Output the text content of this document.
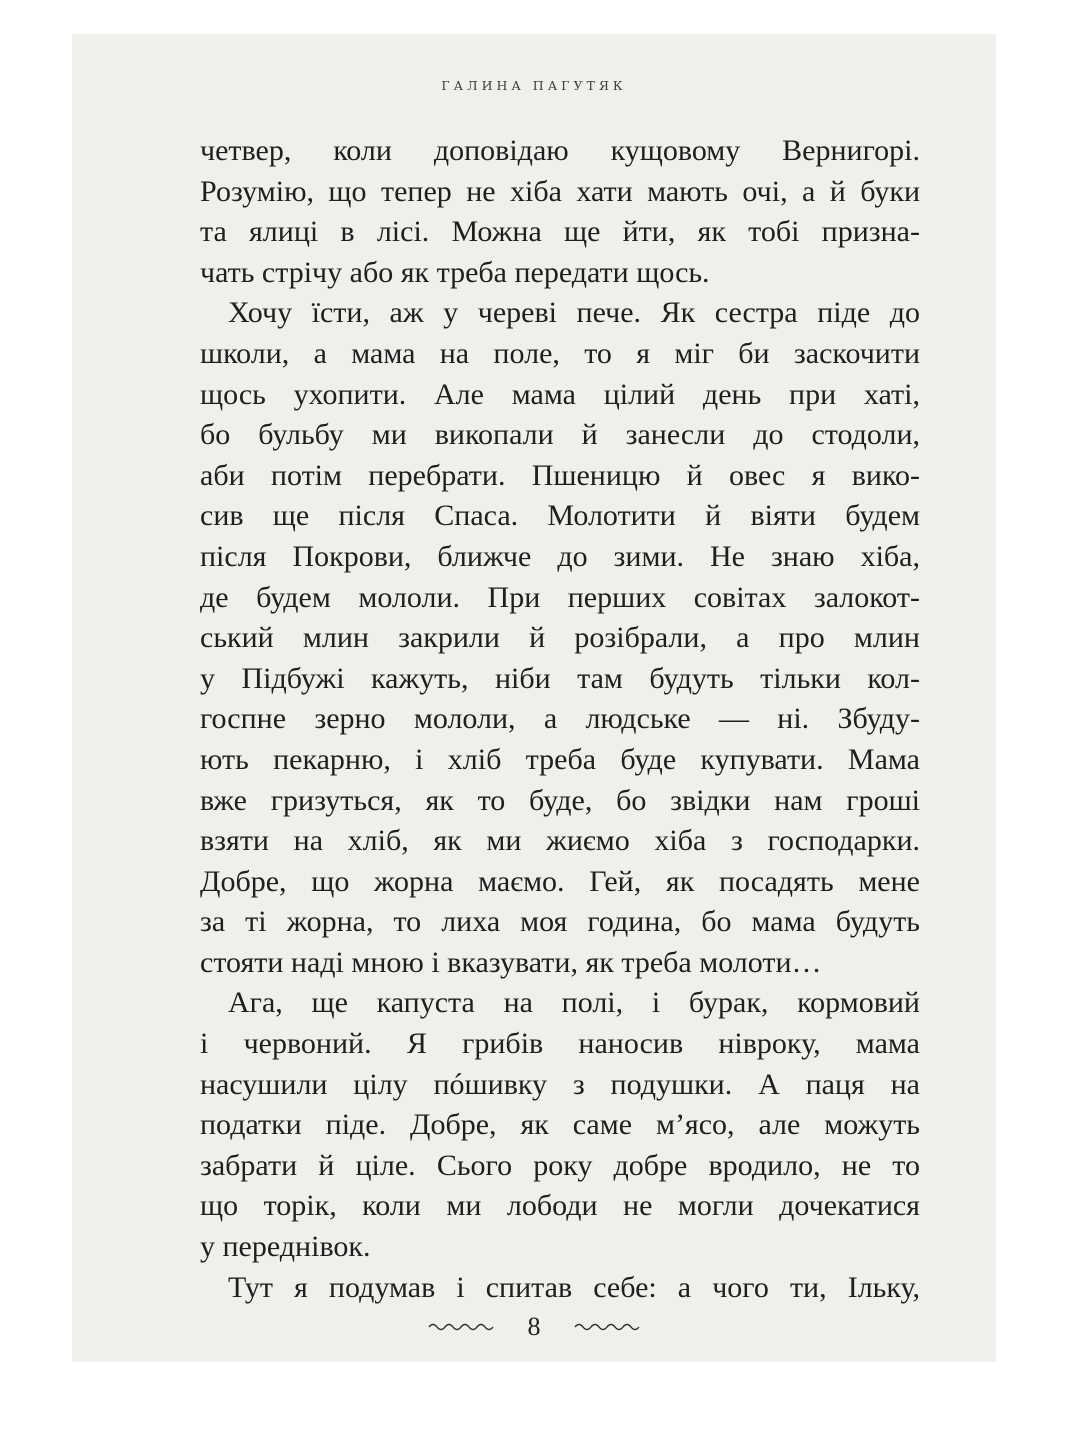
ГАЛИНА ПАГУТЯК

четвер, коли доповідаю кущовому Вернигорі.

Розумію, що тепер не хіба хати мають очі, а й буки

та ялиці в лісі. Можна ще йти, як тобі призна-

чать стрічу або як треба передати щось.

Хочу їсти, аж у череві пече. Як сестра піде до

школи, а мама на поле, то я міг би заскочити

щось ухопити. Але мама цілий день при хаті,

бо бульбу ми викопали й занесли до стодоли,

аби потім перебрати. Пшеницю й овес я вико-

сив ще після Спаса. Молотити й віяти будем

після Покрови, ближче до зими. Не знаю хіба,

де будем мололи. При перших совітах залокот-

ський млин закрили й розібрали, а про млин

у Підбужі кажуть, ніби там будуть тільки кол-

госпне зерно мололи, а людське — ні. Збуду-

ють пекарню, і хліб треба буде купувати. Мама

вже гризуться, як то буде, бо звідки нам гроші

взяти на хліб, як ми жиємо хіба з господарки.

Добре, що жорна маємо. Гей, як посадять мене

за ті жорна, то лиха моя година, бо мама будуть

стояти наді мною і вказувати, як треба молоти…

Ага, ще капуста на полі, і бурак, кормовий

і червоний. Я грибів наносив нівроку, мама

насушили цілу пóшивку з подушки. А паця на

податки піде. Добре, як саме м’ясо, але можуть

забрати й ціле. Сього року добре вродило, не то

що торік, коли ми лободи не могли дочекатися

у переднівок.

Тут я подумав і спитав себе: а чого ти, Ільку,

8
